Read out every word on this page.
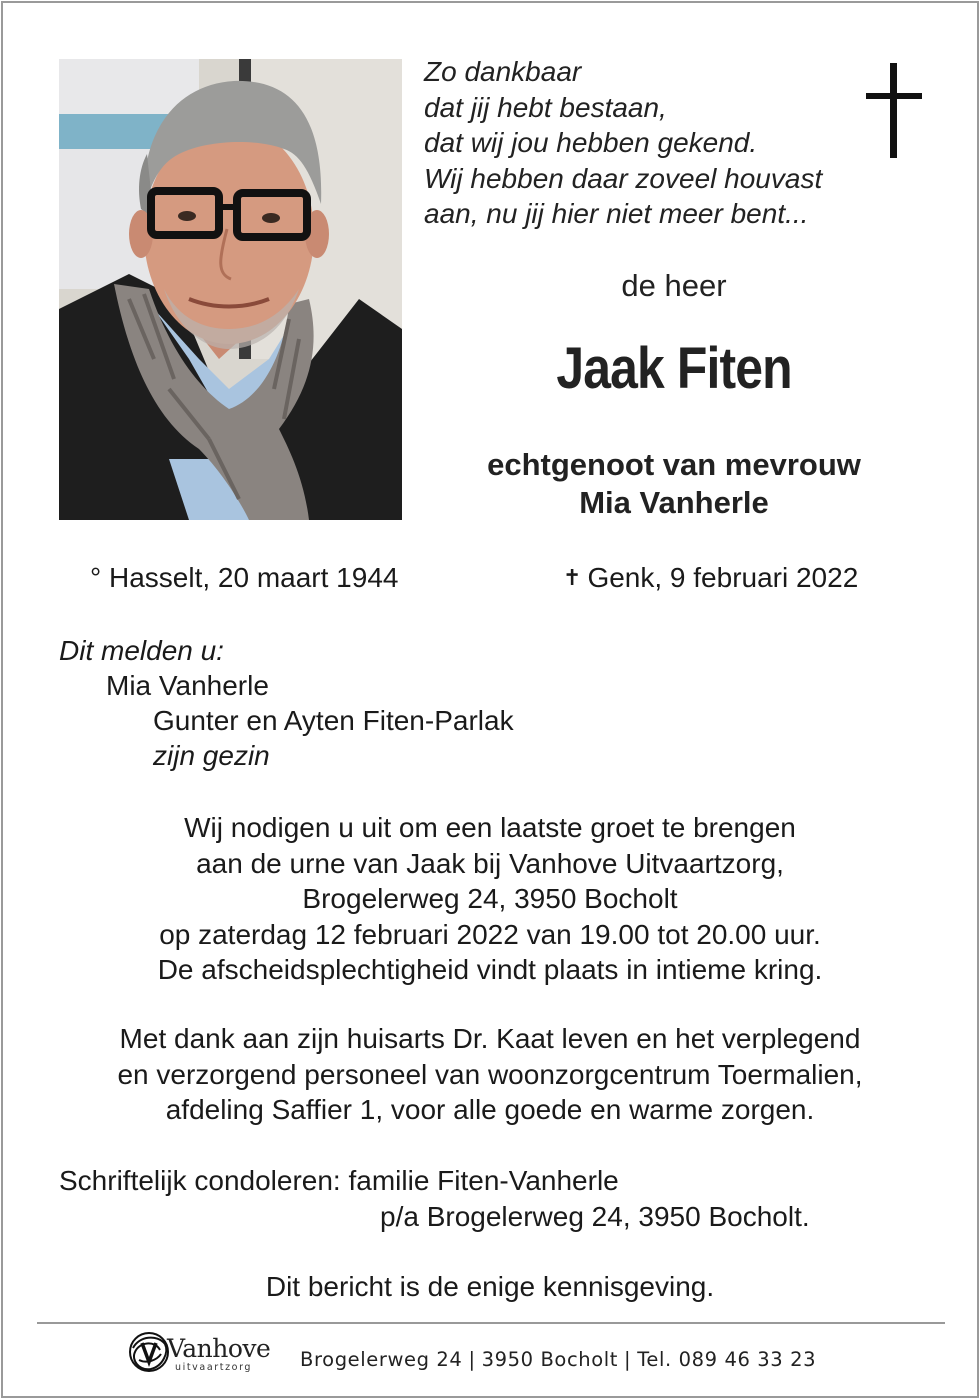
Zo dankbaar
dat jij hebt bestaan,
dat wij jou hebben gekend.
Wij hebben daar zoveel houvast
aan, nu jij hier niet meer bent...
de heer
Jaak Fiten
echtgenoot van mevrouw
Mia Vanherle
° Hasselt, 20 maart 1944	✝ Genk, 9 februari 2022
Dit melden u:
Mia Vanherle
Gunter en Ayten Fiten-Parlak
zijn gezin
Wij nodigen u uit om een laatste groet te brengen
aan de urne van Jaak bij Vanhove Uitvaartzorg,
Brogelerweg 24, 3950 Bocholt
op zaterdag 12 februari 2022 van 19.00 tot 20.00 uur.
De afscheidsplechtigheid vindt plaats in intieme kring.
Met dank aan zijn huisarts Dr. Kaat leven en het verplegend
en verzorgend personeel van woonzorgcentrum Toermalien,
afdeling Saffier 1, voor alle goede en warme zorgen.
Schriftelijk condoleren: familie Fiten-Vanherle
p/a Brogelerweg 24, 3950 Bocholt.
Dit bericht is de enige kennisgeving.
Vanhove
uitvaartzorg Brogelerweg 24 | 3950 Bocholt | Tel. 089 46 33 23
